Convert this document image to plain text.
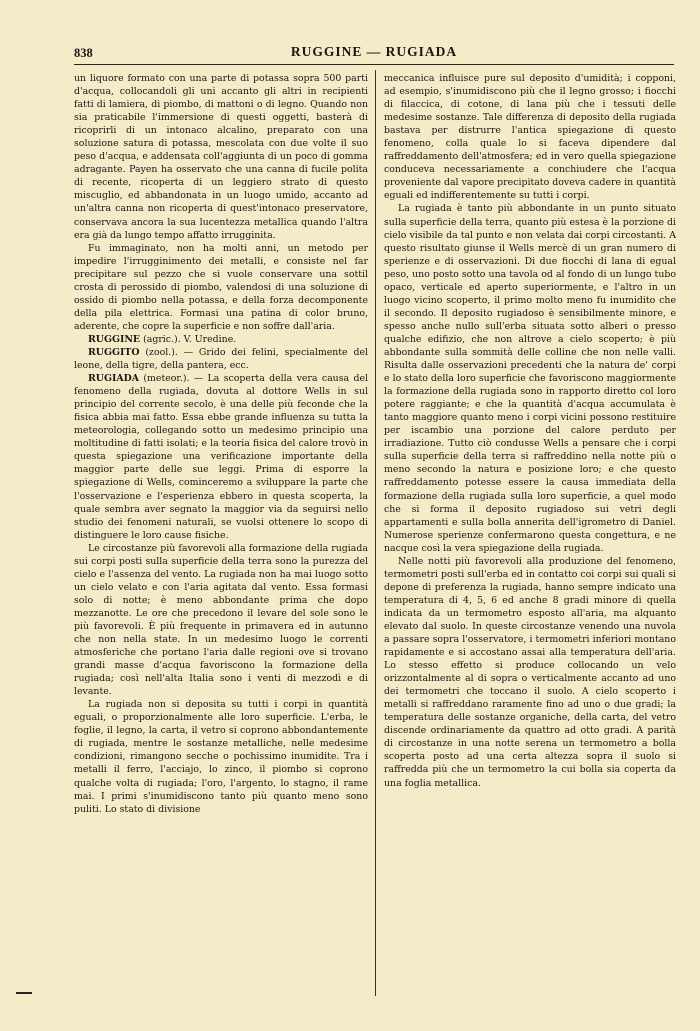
838	RUGGINE — RUGIADA

un liquore formato con una parte di potassa sopra 500 parti d'acqua, collocandoli gli uni accanto gli altri in recipienti fatti di lamiera, di piombo, di mattoni o di legno. Quando non sia praticabile l'immersione di questi oggetti, basterà di ricoprirli di un intonaco alcalino, preparato con una soluzione satura di potassa, mescolata con due volte il suo peso d'acqua, e addensata coll'aggiunta di un poco di gomma adragante. Payen ha osservato che una canna di fucile polita di recente, ricoperta di un leggiero strato di questo miscuglio, ed abbandonata in un luogo umido, accanto ad un'altra canna non ricoperta di quest'intonaco preservatore, conservava ancora la sua lucentezza metallica quando l'altra era già da lungo tempo affatto irrugginita.

Fu immaginato, non ha molti anni, un metodo per impedire l'irrugginimento dei metalli, e consiste nel far precipitare sul pezzo che si vuole conservare una sottil crosta di perossido di piombo, valendosi di una soluzione di ossido di piombo nella potassa, e della forza decomponente della pila elettrica. Formasi una patina di color bruno, aderente, che copre la superficie e non soffre dall'aria.

RUGGINE (agric.). V. Uredine.

RUGGITO (zool.). — Grido dei felini, specialmente del leone, della tigre, della pantera, ecc.

RUGIADA (meteor.). — La scoperta della vera causa del fenomeno della rugiada, dovuta al dottore Wells in sul principio del corrente secolo, è una delle più feconde che la fisica abbia mai fatto. Essa ebbe grande influenza su tutta la meteorologia, collegando sotto un medesimo principio una moltitudine di fatti isolati; e la teoria fisica del calore trovò in questa spiegazione una verificazione importante della maggior parte delle sue leggi. Prima di esporre la spiegazione di Wells, cominceremo a sviluppare la parte che l'osservazione e l'esperienza ebbero in questa scoperta, la quale sembra aver segnato la maggior via da seguirsi nello studio dei fenomeni naturali, se vuolsi ottenere lo scopo di distinguere le loro cause fisiche.

Le circostanze più favorevoli alla formazione della rugiada sui corpi posti sulla superficie della terra sono la purezza del cielo e l'assenza del vento. La rugiada non ha mai luogo sotto un cielo velato e con l'aria agitata dal vento. Essa formasi solo di notte; è meno abbondante prima che dopo mezzanotte. Le ore che precedono il levare del sole sono le più favorevoli. È più frequente in primavera ed in autunno che non nella state. In un medesimo luogo le correnti atmosferiche che portano l'aria dalle regioni ove si trovano grandi masse d'acqua favoriscono la formazione della rugiada; così nell'alta Italia sono i venti di mezzodì e di levante.

La rugiada non si deposita su tutti i corpi in quantità eguali, o proporzionalmente alle loro superficie. L'erba, le foglie, il legno, la carta, il vetro si coprono abbondantemente di rugiada, mentre le sostanze metalliche, nelle medesime condizioni, rimangono secche o pochissimo inumidite. Tra i metalli il ferro, l'acciajo, lo zinco, il piombo si coprono qualche volta di rugiada; l'oro, l'argento, lo stagno, il rame mai. I primi s'inumidiscono tanto più quanto meno sono puliti. Lo stato di divisione

meccanica influisce pure sul deposito d'umidità; i copponi, ad esempio, s'inumidiscono più che il legno grosso; i fiocchi di filaccica, di cotone, di lana più che i tessuti delle medesime sostanze. Tale differenza di deposito della rugiada bastava per distrurre l'antica spiegazione di questo fenomeno, colla quale lo si faceva dipendere dal raffreddamento dell'atmosfera; ed in vero quella spiegazione conduceva necessariamente a conchiudere che l'acqua proveniente dal vapore precipitato doveva cadere in quantità eguali ed indifferentemente su tutti i corpi.

La rugiada è tanto più abbondante in un punto situato sulla superficie della terra, quanto più estesa è la porzione di cielo visibile da tal punto e non velata dai corpi circostanti. A questo risultato giunse il Wells mercè di un gran numero di sperienze e di osservazioni. Di due fiocchi di lana di egual peso, uno posto sotto una tavola od al fondo di un lungo tubo opaco, verticale ed aperto superiormente, e l'altro in un luogo vicino scoperto, il primo molto meno fu inumidito che il secondo. Il deposito rugiadoso è sensibilmente minore, e spesso anche nullo sull'erba situata sotto alberi o presso qualche edifizio, che non altrove a cielo scoperto; è più abbondante sulla sommità delle colline che non nelle valli. Risulta dalle osservazioni precedenti che la natura de' corpi e lo stato della loro superficie che favoriscono maggiormente la formazione della rugiada sono in rapporto diretto col loro potere raggiante; e che la quantità d'acqua accumulata è tanto maggiore quanto meno i corpi vicini possono restituire per iscambio una porzione del calore perduto per irradiazione. Tutto ciò condusse Wells a pensare che i corpi sulla superficie della terra si raffreddino nella notte più o meno secondo la natura e posizione loro; e che questo raffreddamento potesse essere la causa immediata della formazione della rugiada sulla loro superficie, a quel modo che si forma il deposito rugiadoso sui vetri degli appartamenti e sulla bolla annerita dell'igrometro di Daniel. Numerose sperienze confermarono questa congettura, e ne nacque così la vera spiegazione della rugiada.

Nelle notti più favorevoli alla produzione del fenomeno, termometri posti sull'erba ed in contatto coi corpi sui quali si depone di preferenza la rugiada, hanno sempre indicato una temperatura di 4, 5, 6 ed anche 8 gradi minore di quella indicata da un termometro esposto all'aria, ma alquanto elevato dal suolo. In queste circostanze venendo una nuvola a passare sopra l'osservatore, i termometri inferiori montano rapidamente e si accostano assai alla temperatura dell'aria. Lo stesso effetto si produce collocando un velo orizzontalmente al di sopra o verticalmente accanto ad uno dei termometri che toccano il suolo. A cielo scoperto i metalli si raffreddano raramente fino ad uno o due gradi; la temperatura delle sostanze organiche, della carta, del vetro discende ordinariamente da quattro ad otto gradi. A parità di circostanze in una notte serena un termometro a bolla scoperta posto ad una certa altezza sopra il suolo si raffredda più che un termometro la cui bolla sia coperta da una foglia metallica.
